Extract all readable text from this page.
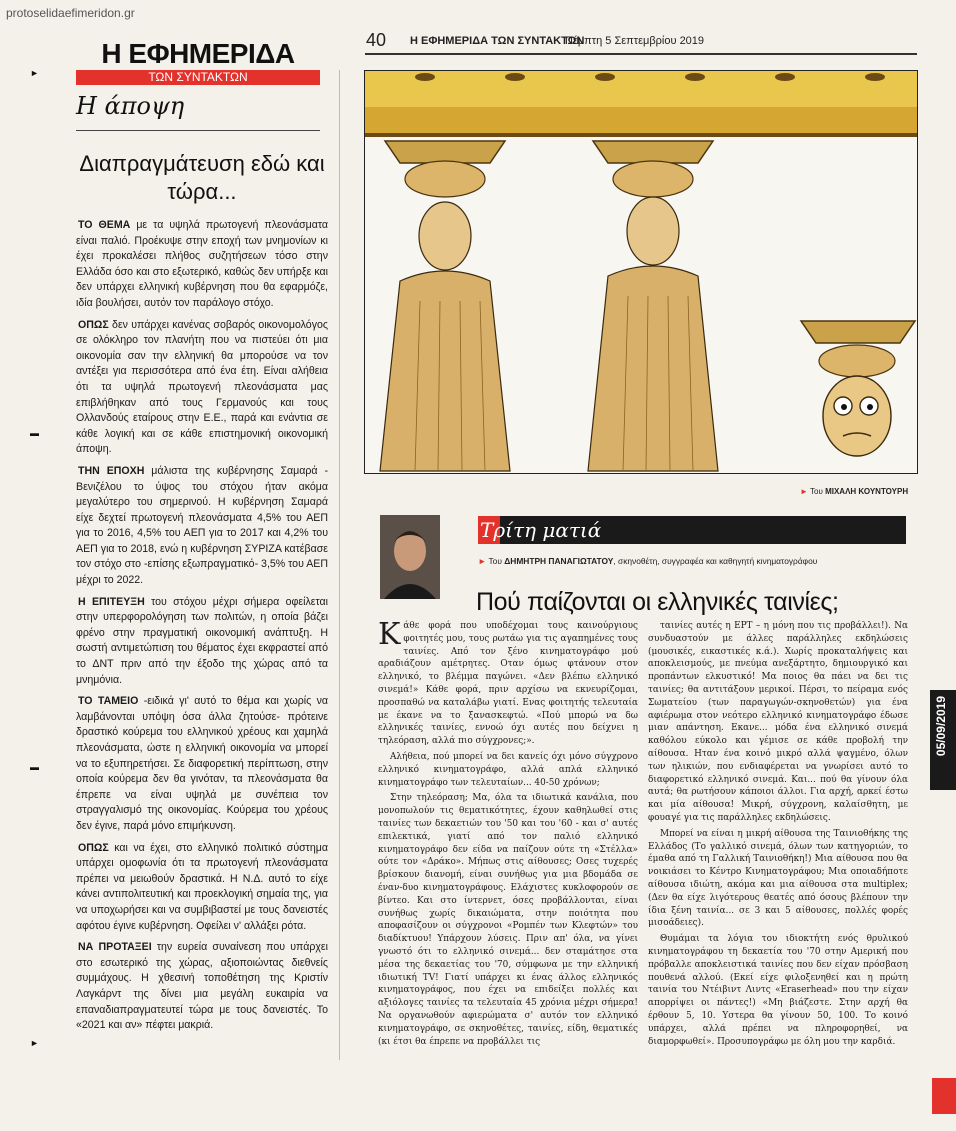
protoselidaefimeridon.gr
Η ΕΦΗΜΕΡΙΔΑ
ΤΩΝ ΣΥΝΤΑΚΤΩΝ
Η άποψη
40 Η ΕΦΗΜΕΡΙΔΑ ΤΩΝ ΣΥΝΤΑΚΤΩΝ
Πέμπτη 5 Σεπτεμβρίου 2019
Διαπραγμάτευση εδώ και τώρα...

ΤΟ ΘΕΜΑ με τα υψηλά πρωτογενή πλεονάσματα είναι παλιό. Προέκυψε στην εποχή των μνημονίων κι έχει προκαλέσει πλήθος συζητήσεων τόσο στην Ελλάδα όσο και στο εξωτερικό, καθώς δεν υπήρξε και δεν υπάρχει ελληνική κυβέρνηση που θα εφαρμόζε, ιδία βουλήσει, αυτόν τον παράλογο στόχο.

ΟΠΩΣ δεν υπάρχει κανένας σοβαρός οικονομολόγος σε ολόκληρο τον πλανήτη που να πιστεύει ότι μια οικονομία σαν την ελληνική θα μπορούσε να τον αντέξει για περισσότερα από ένα έτη. Είναι αλήθεια ότι τα υψηλά πρωτογενή πλεονάσματα μας επιβλήθηκαν από τους Γερμανούς και τους Ολλανδούς εταίρους στην Ε.Ε., παρά και ενάντια σε κάθε λογική και σε κάθε επιστημονική οικονομική άποψη.

ΤΗΝ ΕΠΟΧΗ μάλιστα της κυβέρνησης Σαμαρά - Βενιζέλου το ύψος του στόχου ήταν ακόμα μεγαλύτερο του σημερινού. Η κυβέρνηση Σαμαρά είχε δεχτεί πρωτογενή πλεονάσματα 4,5% του ΑΕΠ για το 2016, 4,5% του ΑΕΠ για το 2017 και 4,2% του ΑΕΠ για το 2018, ενώ η κυβέρνηση ΣΥΡΙΖΑ κατέβασε τον στόχο στο -επίσης εξωπραγματικό- 3,5% του ΑΕΠ μέχρι το 2022.

Η ΕΠΙΤΕΥΞΗ του στόχου μέχρι σήμερα οφείλεται στην υπερφορολόγηση των πολιτών, η οποία βάζει φρένο στην πραγματική οικονομική ανάπτυξη. Η σωστή αντιμετώπιση του θέματος έχει εκφραστεί από το ΔΝΤ πριν από την έξοδο της χώρας από τα μνημόνια.

ΤΟ ΤΑΜΕΙΟ -ειδικά γι' αυτό το θέμα και χωρίς να λαμβάνονται υπόψη όσα άλλα ζητούσε- πρότεινε δραστικό κούρεμα του ελληνικού χρέους και χαμηλά πλεονάσματα, ώστε η ελληνική οικονομία να μπορεί να το εξυπηρετήσει. Σε διαφορετική περίπτωση, στην οποία κούρεμα δεν θα γινόταν, τα πλεονάσματα θα έπρεπε να είναι υψηλά με συνέπεια τον στραγγαλισμό της οικονομίας. Κούρεμα του χρέους δεν έγινε, παρά μόνο επιμήκυνση.

ΟΠΩΣ και να έχει, στο ελληνικό πολιτικό σύστημα υπάρχει ομοφωνία ότι τα πρωτογενή πλεονάσματα πρέπει να μειωθούν δραστικά. Η Ν.Δ. αυτό το είχε κάνει αντιπολιτευτική και προεκλογική σημαία της, για να υποχωρήσει και να συμβιβαστεί με τους δανειστές αφότου έγινε κυβέρνηση. Οφείλει ν' αλλάξει ρότα.

ΝΑ ΠΡΟΤΑΞΕΙ την ευρεία συναίνεση που υπάρχει στο εσωτερικό της χώρας, αξιοποιώντας διεθνείς συμμάχους. Η χθεσινή τοποθέτηση της Κριστίν Λαγκάρντ της δίνει μια μεγάλη ευκαιρία να επαναδιαπραγματευτεί τώρα με τους δανειστές. Το «2021 και αν» πέφτει μακριά.

► Του ΜΙΧΑΛΗ ΚΟΥΝΤΟΥΡΗ
Τρίτη ματιά
► Του ΔΗΜΗΤΡΗ ΠΑΝΑΓΙΩΤΑΤΟΥ, σκηνοθέτη, συγγραφέα και καθηγητή κινηματογράφου
Πού παίζονται οι ελληνικές ταινίες;

Κάθε φορά που υποδέχομαι τους καινούργιους φοιτητές μου, τους ρωτάω για τις αγαπημένες τους ταινίες. Από τον ξένο κινηματογράφο μού αραδιάζουν αμέτρητες. Οταν όμως φτάνουν στον ελληνικό, το βλέμμα παγώνει. «Δεν βλέπω ελληνικό σινεμά!» Κάθε φορά, πριν αρχίσω να εκνευρίζομαι, προσπαθώ να καταλάβω γιατί. Ενας φοιτητής τελευταία με έκανε να το ξανασκεφτώ. «Πού μπορώ να δω ελληνικές ταινίες, εννοώ όχι αυτές που δείχνει η τηλεόραση, αλλά πιο σύγχρονες;».

Αλήθεια, πού μπορεί να δει κανείς όχι μόνο σύγχρονο ελληνικό κινηματογράφο, αλλά απλά ελληνικό κινηματογράφο των τελευταίων... 40-50 χρόνων;

Στην τηλεόραση; Μα, όλα τα ιδιωτικά κανάλια, που μονοπωλούν τις θεματικότητες, έχουν καθηλωθεί στις ταινίες των δεκαετιών του '50 και του '60 - και σ' αυτές επιλεκτικά, γιατί από τον παλιό ελληνικό κινηματογράφο δεν είδα να παίζουν ούτε τη «Στέλλα» ούτε τον «Δράκο». Μήπως στις αίθουσες; Οσες τυχερές βρίσκουν διανομή, είναι συνήθως για μια βδομάδα σε έναν-δυο κινηματογράφους. Ελάχιστες κυκλοφορούν σε βίντεο. Και στο ίντερνετ, όσες προβάλλονται, είναι συνήθως χωρίς δικαιώματα, στην ποιότητα που αποφασίζουν οι σύγχρονοι «Ρομπέν των Κλεφτών» του διαδίκτυου! Υπάρχουν λύσεις. Πριν απ' όλα, να γίνει γνωστό ότι το ελληνικό σινεμά... δεν σταμάτησε στα μέσα της δεκαετίας του '70, σύμφωνα με την ελληνική ιδιωτική TV! Γιατί υπάρχει κι ένας άλλος ελληνικός κινηματογράφος, που έχει να επιδείξει πολλές και αξιόλογες ταινίες τα τελευταία 45 χρόνια μέχρι σήμερα! Να οργανωθούν αφιερώματα σ' αυτόν τον ελληνικό κινηματογράφο, σε σκηνοθέτες, ταινίες, είδη, θεματικές (κι έτσι θα έπρεπε να προβάλλει τις

ταινίες αυτές η ΕΡΤ – η μόνη που τις προβάλλει!). Να συνδυαστούν με άλλες παράλληλες εκδηλώσεις (μουσικές, εικαστικές κ.ά.). Χωρίς προκαταλήψεις και αποκλεισμούς, με πνεύμα ανεξάρτητο, δημιουργικό και προπάντων ελκυστικό! Μα ποιος θα πάει να δει τις ταινίες; θα αντιτάξουν μερικοί. Πέρσι, το πείραμα ενός Σωματείου (των παραγωγών-σκηνοθετών) για ένα αφιέρωμα στον νεότερο ελληνικό κινηματογράφο έδωσε μιαν απάντηση. Εκανε... μόδα ένα ελληνικό σινεμά καθόλου εύκολο και γέμισε σε κάθε προβολή την αίθουσα. Ηταν ένα κοινό μικρό αλλά ψαγμένο, όλων των ηλικιών, που ενδιαφέρεται να γνωρίσει αυτό το διαφορετικό ελληνικό σινεμά. Και... πού θα γίνουν όλα αυτά; θα ρωτήσουν κάποιοι άλλοι. Για αρχή, αρκεί έστω και μία αίθουσα! Μικρή, σύγχρονη, καλαίσθητη, με φουαγέ για τις παράλληλες εκδηλώσεις.

Μπορεί να είναι η μικρή αίθουσα της Ταινιοθήκης της Ελλάδος (Το γαλλικό σινεμά, όλων των κατηγοριών, το έμαθα από τη Γαλλική Ταινιοθήκη!) Μια αίθουσα που θα νοικιάσει το Κέντρο Κινηματογράφου; Μια οποιαδήποτε αίθουσα ιδιώτη, ακόμα και μια αίθουσα στα multiplex; (Δεν θα είχε λιγότερους θεατές από όσους βλέπουν την ίδια ξένη ταινία... σε 3 και 5 αίθουσες, πολλές φορές μισοάδειες).

Θυμάμαι τα λόγια του ιδιοκτήτη ενός θρυλικού κινηματογράφου τη δεκαετία του '70 στην Αμερική που πρόβαλλε αποκλειστικά ταινίες που δεν είχαν πρόσβαση πουθενά αλλού. (Εκεί είχε φιλοξενηθεί και η πρώτη ταινία του Ντέιβιντ Λιντς «Eraserhead» που την είχαν απορρίψει οι πάντες!) «Μη βιάζεστε. Στην αρχή θα έρθουν 5, 10. Υστερα θα γίνουν 50, 100. Το κοινό υπάρχει, αλλά πρέπει να πληροφορηθεί, να διαμορφωθεί». Προσυπογράφω με όλη μου την καρδιά.

05/09/2019
►
▬
▬
►
